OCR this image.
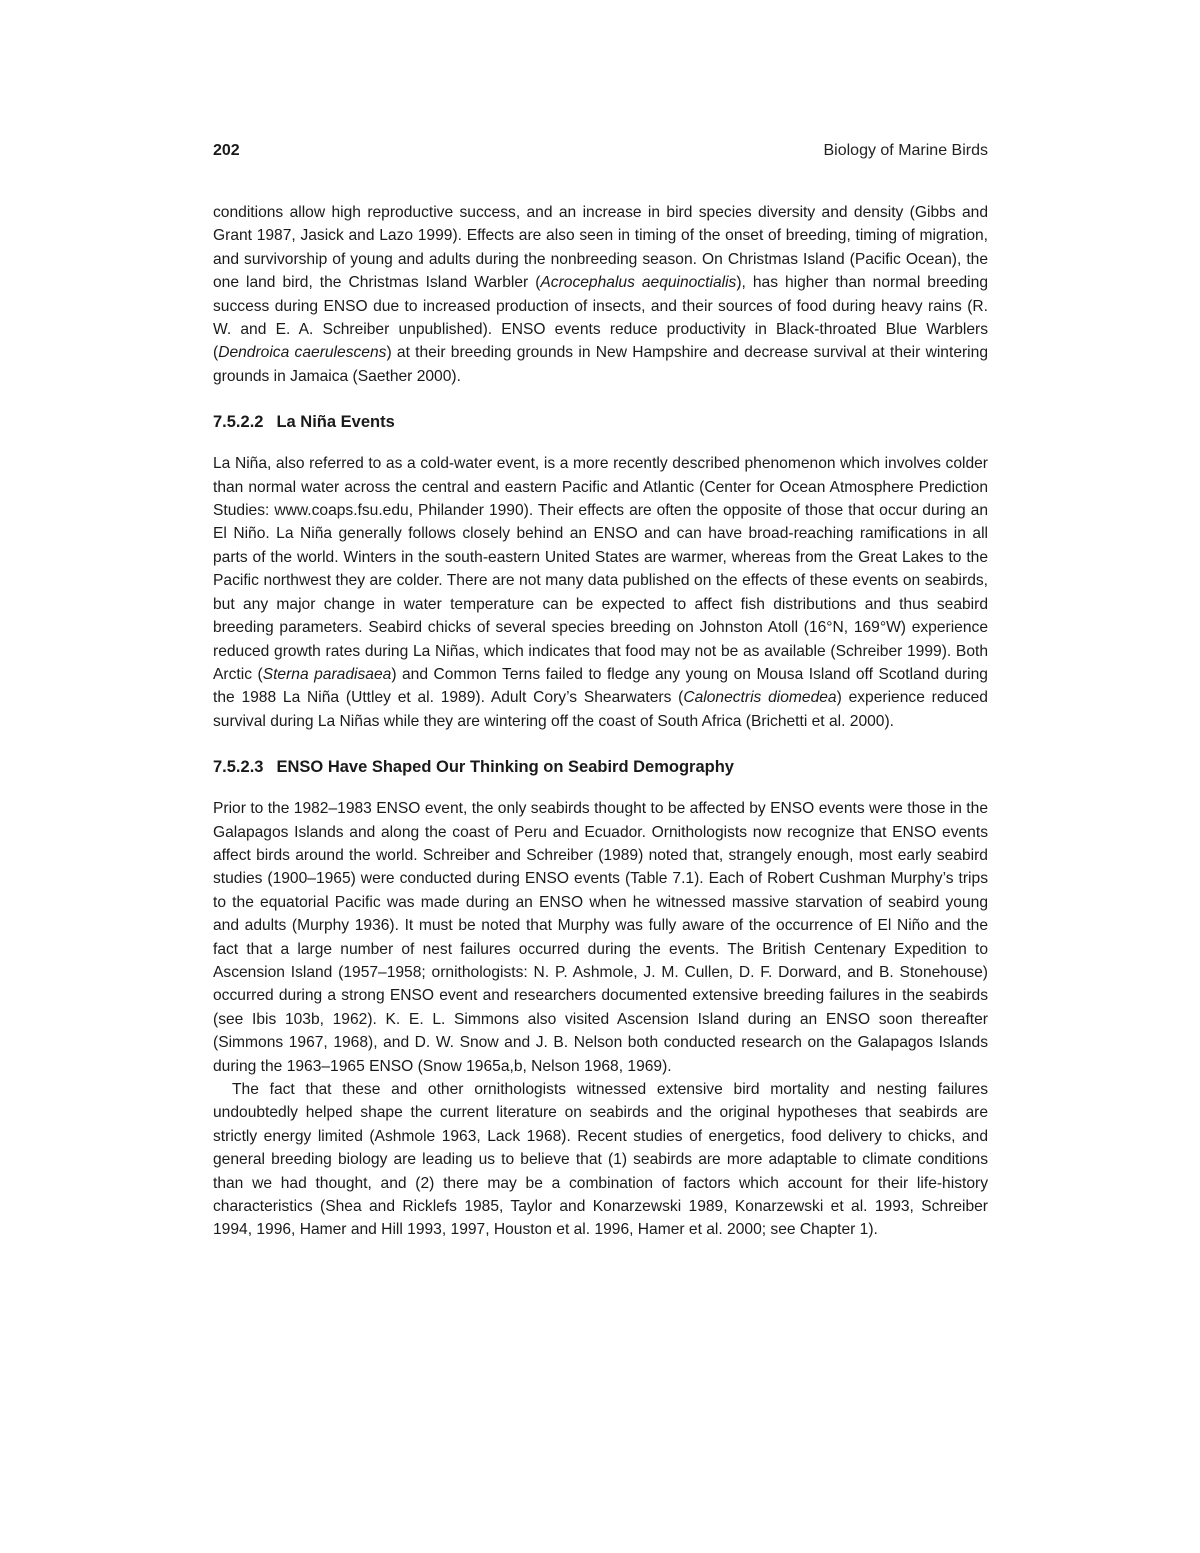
202	Biology of Marine Birds

conditions allow high reproductive success, and an increase in bird species diversity and density (Gibbs and Grant 1987, Jasick and Lazo 1999). Effects are also seen in timing of the onset of breeding, timing of migration, and survivorship of young and adults during the nonbreeding season. On Christmas Island (Pacific Ocean), the one land bird, the Christmas Island Warbler (Acrocephalus aequinoctialis), has higher than normal breeding success during ENSO due to increased production of insects, and their sources of food during heavy rains (R. W. and E. A. Schreiber unpublished). ENSO events reduce productivity in Black-throated Blue Warblers (Dendroica caerulescens) at their breeding grounds in New Hampshire and decrease survival at their wintering grounds in Jamaica (Saether 2000).

7.5.2.2 La Niña Events

La Niña, also referred to as a cold-water event, is a more recently described phenomenon which involves colder than normal water across the central and eastern Pacific and Atlantic (Center for Ocean Atmosphere Prediction Studies: www.coaps.fsu.edu, Philander 1990). Their effects are often the opposite of those that occur during an El Niño. La Niña generally follows closely behind an ENSO and can have broad-reaching ramifications in all parts of the world. Winters in the south-eastern United States are warmer, whereas from the Great Lakes to the Pacific northwest they are colder. There are not many data published on the effects of these events on seabirds, but any major change in water temperature can be expected to affect fish distributions and thus seabird breeding parameters. Seabird chicks of several species breeding on Johnston Atoll (16°N, 169°W) experience reduced growth rates during La Niñas, which indicates that food may not be as available (Schreiber 1999). Both Arctic (Sterna paradisaea) and Common Terns failed to fledge any young on Mousa Island off Scotland during the 1988 La Niña (Uttley et al. 1989). Adult Cory’s Shearwaters (Calonectris diomedea) experience reduced survival during La Niñas while they are wintering off the coast of South Africa (Brichetti et al. 2000).

7.5.2.3 ENSO Have Shaped Our Thinking on Seabird Demography

Prior to the 1982–1983 ENSO event, the only seabirds thought to be affected by ENSO events were those in the Galapagos Islands and along the coast of Peru and Ecuador. Ornithologists now recognize that ENSO events affect birds around the world. Schreiber and Schreiber (1989) noted that, strangely enough, most early seabird studies (1900–1965) were conducted during ENSO events (Table 7.1). Each of Robert Cushman Murphy’s trips to the equatorial Pacific was made during an ENSO when he witnessed massive starvation of seabird young and adults (Murphy 1936). It must be noted that Murphy was fully aware of the occurrence of El Niño and the fact that a large number of nest failures occurred during the events. The British Centenary Expedition to Ascension Island (1957–1958; ornithologists: N. P. Ashmole, J. M. Cullen, D. F. Dorward, and B. Stonehouse) occurred during a strong ENSO event and researchers documented extensive breeding failures in the seabirds (see Ibis 103b, 1962). K. E. L. Simmons also visited Ascension Island during an ENSO soon thereafter (Simmons 1967, 1968), and D. W. Snow and J. B. Nelson both conducted research on the Galapagos Islands during the 1963–1965 ENSO (Snow 1965a,b, Nelson 1968, 1969).

The fact that these and other ornithologists witnessed extensive bird mortality and nesting failures undoubtedly helped shape the current literature on seabirds and the original hypotheses that seabirds are strictly energy limited (Ashmole 1963, Lack 1968). Recent studies of energetics, food delivery to chicks, and general breeding biology are leading us to believe that (1) seabirds are more adaptable to climate conditions than we had thought, and (2) there may be a combination of factors which account for their life-history characteristics (Shea and Ricklefs 1985, Taylor and Konarzewski 1989, Konarzewski et al. 1993, Schreiber 1994, 1996, Hamer and Hill 1993, 1997, Houston et al. 1996, Hamer et al. 2000; see Chapter 1).
